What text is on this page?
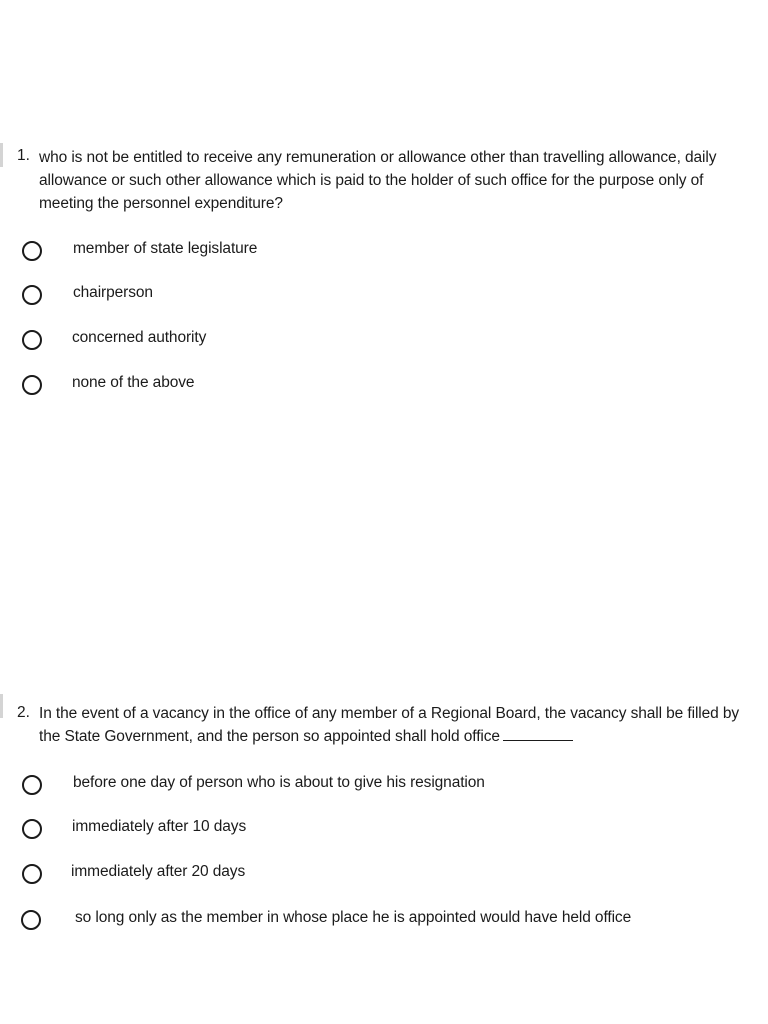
1. who is not be entitled to receive any remuneration or allowance other than travelling allowance, daily allowance or such other allowance which is paid to the holder of such office for the purpose only of meeting the personnel expenditure?
member of state legislature
chairperson
concerned authority
none of the above
2. In the event of a vacancy in the office of any member of a Regional Board, the vacancy shall be filled by the State Government, and the person so appointed shall hold office
before one day of person who is about to give his resignation
immediately after 10 days
immediately after 20 days
so long only as the member in whose place he is appointed would have held office
